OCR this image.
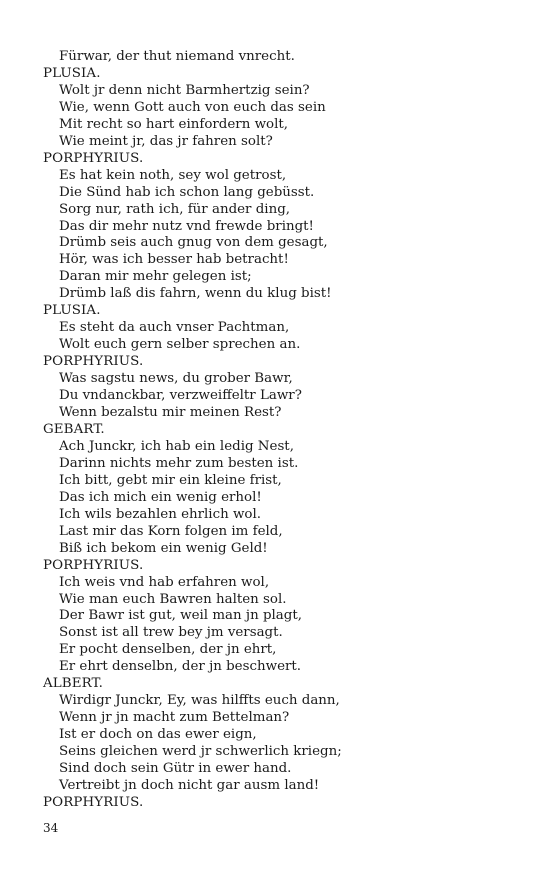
Fürwar, der thut niemand vnrecht.
PLUSIA.
Wolt jr denn nicht Barmhertzig sein?
Wie, wenn Gott auch von euch das sein
Mit recht so hart einfordern wolt,
Wie meint jr, das jr fahren solt?
PORPHYRIUS.
Es hat kein noth, sey wol getrost,
Die Sünd hab ich schon lang gebüsst.
Sorg nur, rath ich, für ander ding,
Das dir mehr nutz vnd frewde bringt!
Drümb seis auch gnug von dem gesagt,
Hör, was ich besser hab betracht!
Daran mir mehr gelegen ist;
Drümb laß dis fahrn, wenn du klug bist!
PLUSIA.
Es steht da auch vnser Pachtman,
Wolt euch gern selber sprechen an.
PORPHYRIUS.
Was sagstu news, du grober Bawr,
Du vndanckbar, verzweiffeltr Lawr?
Wenn bezalstu mir meinen Rest?
GEBART.
Ach Junckr, ich hab ein ledig Nest,
Darinn nichts mehr zum besten ist.
Ich bitt, gebt mir ein kleine frist,
Das ich mich ein wenig erhol!
Ich wils bezahlen ehrlich wol.
Last mir das Korn folgen im feld,
Biß ich bekom ein wenig Geld!
PORPHYRIUS.
Ich weis vnd hab erfahren wol,
Wie man euch Bawren halten sol.
Der Bawr ist gut, weil man jn plagt,
Sonst ist all trew bey jm versagt.
Er pocht denselben, der jn ehrt,
Er ehrt denselbn, der jn beschwert.
ALBERT.
Wirdigr Junckr, Ey, was hilffts euch dann,
Wenn jr jn macht zum Bettelman?
Ist er doch on das ewer eign,
Seins gleichen werd jr schwerlich kriegn;
Sind doch sein Gütr in ewer hand.
Vertreibt jn doch nicht gar ausm land!
PORPHYRIUS.
34
